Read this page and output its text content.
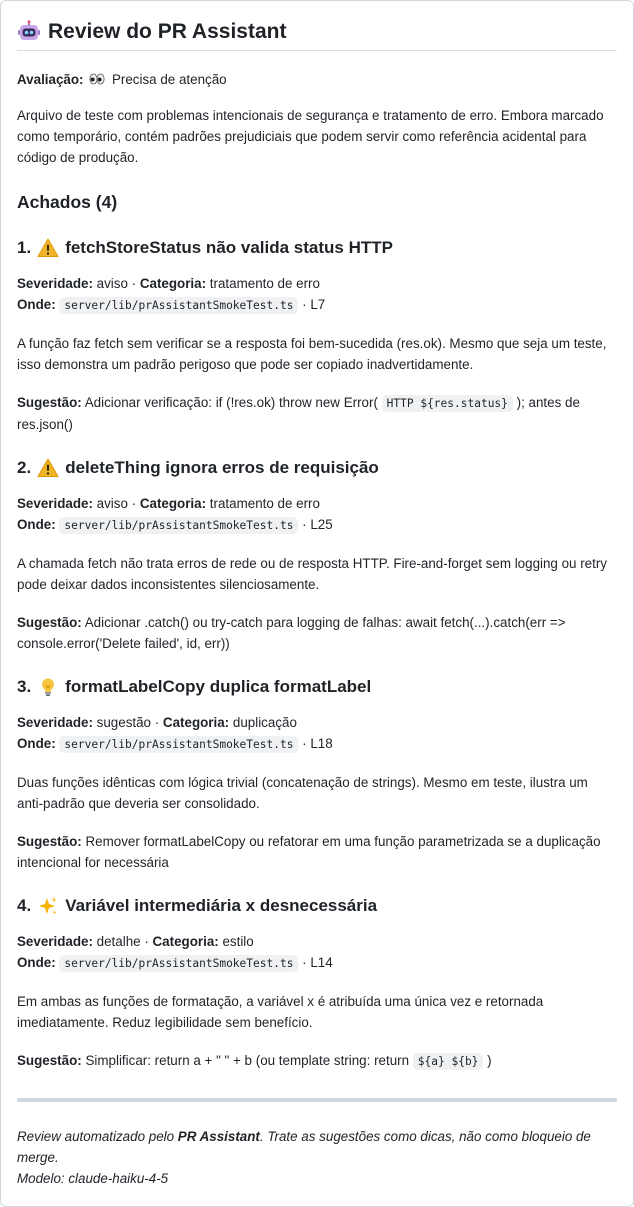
Review do PR Assistant

Avaliação: Precisa de atenção

Arquivo de teste com problemas intencionais de segurança e tratamento de erro. Embora marcado como temporário, contém padrões prejudiciais que podem servir como referência acidental para código de produção.

Achados (4)
1. fetchStoreStatus não valida status HTTP

Severidade: aviso · Categoria: tratamento de erro
Onde: server/lib/prAssistantSmokeTest.ts · L7

A função faz fetch sem verificar se a resposta foi bem-sucedida (res.ok). Mesmo que seja um teste, isso demonstra um padrão perigoso que pode ser copiado inadvertidamente.

Sugestão: Adicionar verificação: if (!res.ok) throw new Error( HTTP ${res.status} ); antes de res.json()

2. deleteThing ignora erros de requisição

Severidade: aviso · Categoria: tratamento de erro
Onde: server/lib/prAssistantSmokeTest.ts · L25

A chamada fetch não trata erros de rede ou de resposta HTTP. Fire-and-forget sem logging ou retry pode deixar dados inconsistentes silenciosamente.

Sugestão: Adicionar .catch() ou try-catch para logging de falhas: await fetch(...).catch(err => console.error('Delete failed', id, err))

3. formatLabelCopy duplica formatLabel

Severidade: sugestão · Categoria: duplicação
Onde: server/lib/prAssistantSmokeTest.ts · L18

Duas funções idênticas com lógica trivial (concatenação de strings). Mesmo em teste, ilustra um anti-padrão que deveria ser consolidado.

Sugestão: Remover formatLabelCopy ou refatorar em uma função parametrizada se a duplicação intencional for necessária

4. Variável intermediária x desnecessária

Severidade: detalhe · Categoria: estilo
Onde: server/lib/prAssistantSmokeTest.ts · L14

Em ambas as funções de formatação, a variável x é atribuída uma única vez e retornada imediatamente. Reduz legibilidade sem benefício.

Sugestão: Simplificar: return a + " " + b (ou template string: return ${a} ${b} )

Review automatizado pelo PR Assistant. Trate as sugestões como dicas, não como bloqueio de merge.
Modelo: claude-haiku-4-5
